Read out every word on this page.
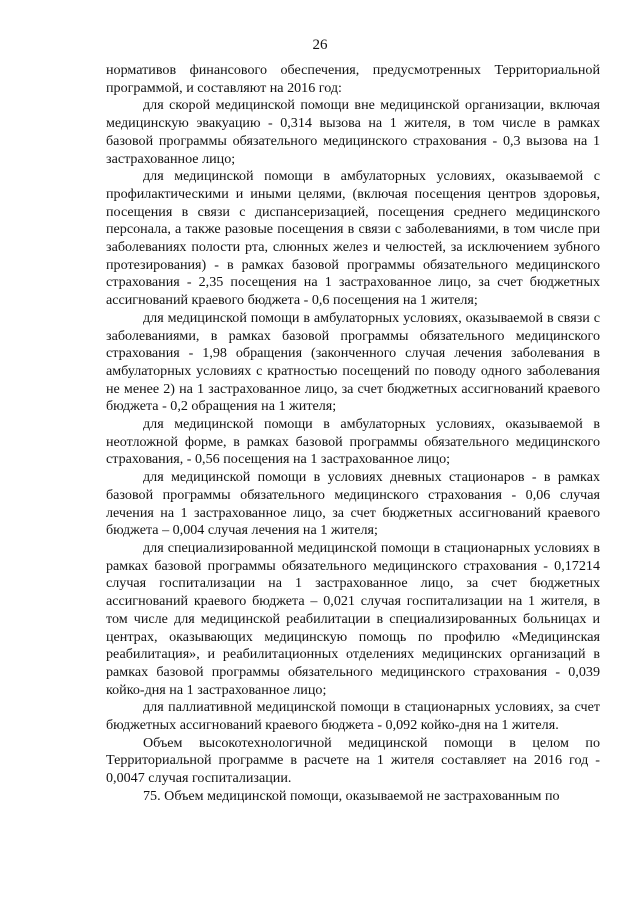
26

нормативов финансового обеспечения, предусмотренных Территориальной программой, и составляют на 2016 год:

для скорой медицинской помощи вне медицинской организации, включая медицинскую эвакуацию - 0,314 вызова на 1 жителя, в том числе в рамках базовой программы обязательного медицинского страхования - 0,3 вызова на 1 застрахованное лицо;

для медицинской помощи в амбулаторных условиях, оказываемой с профилактическими и иными целями, (включая посещения центров здоровья, посещения в связи с диспансеризацией, посещения среднего медицинского персонала, а также разовые посещения в связи с заболеваниями, в том числе при заболеваниях полости рта, слюнных желез и челюстей, за исключением зубного протезирования) - в рамках базовой программы обязательного медицинского страхования - 2,35 посещения на 1 застрахованное лицо, за счет бюджетных ассигнований краевого бюджета - 0,6 посещения на 1 жителя;

для медицинской помощи в амбулаторных условиях, оказываемой в связи с заболеваниями, в рамках базовой программы обязательного медицинского страхования - 1,98 обращения (законченного случая лечения заболевания в амбулаторных условиях с кратностью посещений по поводу одного заболевания не менее 2) на 1 застрахованное лицо, за счет бюджетных ассигнований краевого бюджета - 0,2 обращения на 1 жителя;

для медицинской помощи в амбулаторных условиях, оказываемой в неотложной форме, в рамках базовой программы обязательного медицинского страхования, - 0,56 посещения на 1 застрахованное лицо;

для медицинской помощи в условиях дневных стационаров - в рамках базовой программы обязательного медицинского страхования - 0,06 случая лечения на 1 застрахованное лицо, за счет бюджетных ассигнований краевого бюджета – 0,004 случая лечения на 1 жителя;

для специализированной медицинской помощи в стационарных условиях в рамках базовой программы обязательного медицинского страхования - 0,17214 случая госпитализации на 1 застрахованное лицо, за счет бюджетных ассигнований краевого бюджета – 0,021 случая госпитализации на 1 жителя, в том числе для медицинской реабилитации в специализированных больницах и центрах, оказывающих медицинскую помощь по профилю «Медицинская реабилитация», и реабилитационных отделениях медицинских организаций в рамках базовой программы обязательного медицинского страхования - 0,039 койко-дня на 1 застрахованное лицо;

для паллиативной медицинской помощи в стационарных условиях, за счет бюджетных ассигнований краевого бюджета - 0,092 койко-дня на 1 жителя.

Объем высокотехнологичной медицинской помощи в целом по Территориальной программе в расчете на 1 жителя составляет на 2016 год - 0,0047 случая госпитализации.

75. Объем медицинской помощи, оказываемой не застрахованным по
